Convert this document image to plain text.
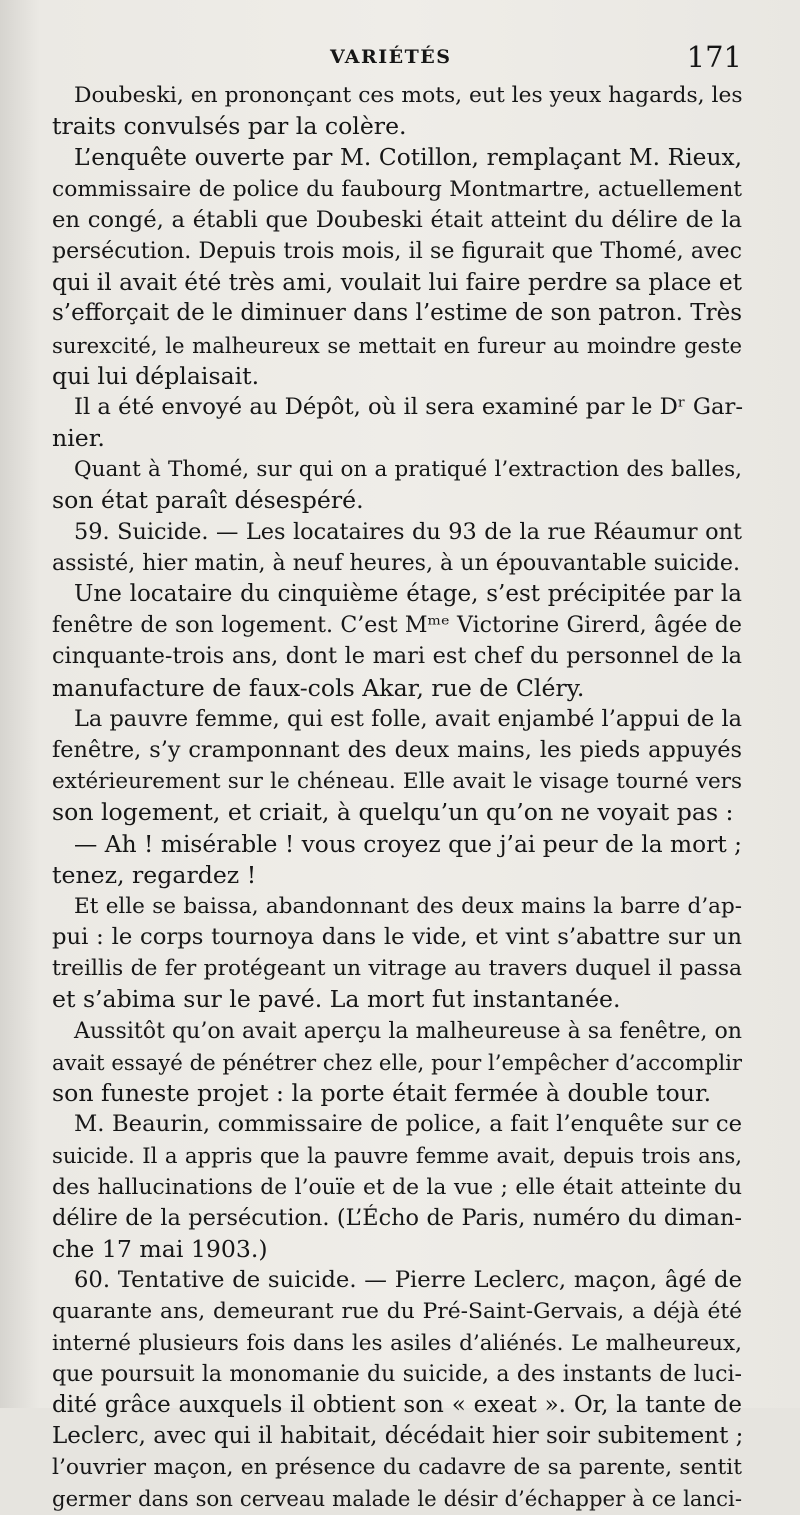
VARIÉTÉS	171
Doubeski, en prononçant ces mots, eut les yeux hagards, les
traits convulsés par la colère.
L’enquête ouverte par M. Cotillon, remplaçant M. Rieux,
commissaire de police du faubourg Montmartre, actuellement
en congé, a établi que Doubeski était atteint du délire de la
persécution. Depuis trois mois, il se figurait que Thomé, avec
qui il avait été très ami, voulait lui faire perdre sa place et
s’efforçait de le diminuer dans l’estime de son patron. Très
surexcité, le malheureux se mettait en fureur au moindre geste
qui lui déplaisait.
Il a été envoyé au Dépôt, où il sera examiné par le Dʳ Gar-
nier.
Quant à Thomé, sur qui on a pratiqué l’extraction des balles,
son état paraît désespéré.
59. Suicide. — Les locataires du 93 de la rue Réaumur ont
assisté, hier matin, à neuf heures, à un épouvantable suicide.
Une locataire du cinquième étage, s’est précipitée par la
fenêtre de son logement. C’est Mᵐᵉ Victorine Girerd, âgée de
cinquante-trois ans, dont le mari est chef du personnel de la
manufacture de faux-cols Akar, rue de Cléry.
La pauvre femme, qui est folle, avait enjambé l’appui de la
fenêtre, s’y cramponnant des deux mains, les pieds appuyés
extérieurement sur le chéneau. Elle avait le visage tourné vers
son logement, et criait, à quelqu’un qu’on ne voyait pas :
— Ah ! misérable ! vous croyez que j’ai peur de la mort ;
tenez, regardez !
Et elle se baissa, abandonnant des deux mains la barre d’ap-
pui : le corps tournoya dans le vide, et vint s’abattre sur un
treillis de fer protégeant un vitrage au travers duquel il passa
et s’abima sur le pavé. La mort fut instantanée.
Aussitôt qu’on avait aperçu la malheureuse à sa fenêtre, on
avait essayé de pénétrer chez elle, pour l’empêcher d’accomplir
son funeste projet : la porte était fermée à double tour.
M. Beaurin, commissaire de police, a fait l’enquête sur ce
suicide. Il a appris que la pauvre femme avait, depuis trois ans,
des hallucinations de l’ouïe et de la vue ; elle était atteinte du
délire de la persécution. (L’Écho de Paris, numéro du diman-
che 17 mai 1903.)
60. Tentative de suicide. — Pierre Leclerc, maçon, âgé de
quarante ans, demeurant rue du Pré-Saint-Gervais, a déjà été
interné plusieurs fois dans les asiles d’aliénés. Le malheureux,
que poursuit la monomanie du suicide, a des instants de luci-
dité grâce auxquels il obtient son « exeat ». Or, la tante de
Leclerc, avec qui il habitait, décédait hier soir subitement ;
l’ouvrier maçon, en présence du cadavre de sa parente, sentit
germer dans son cerveau malade le désir d’échapper à ce lanci-
